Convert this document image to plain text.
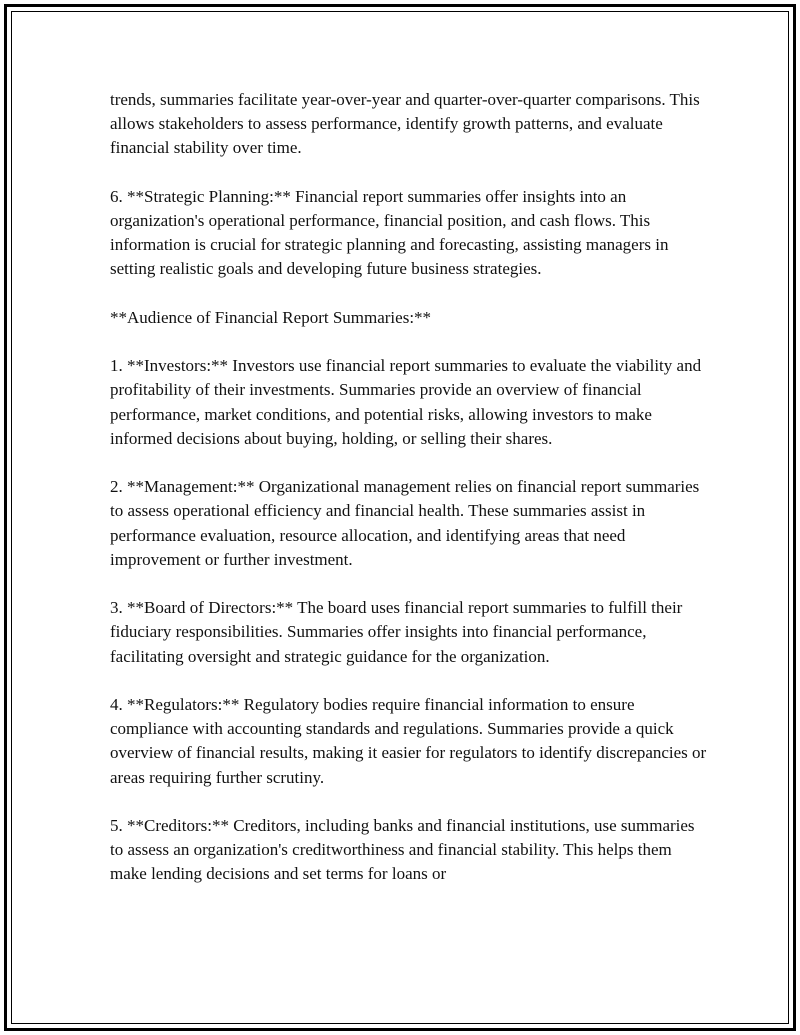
trends, summaries facilitate year-over-year and quarter-over-quarter comparisons. This allows stakeholders to assess performance, identify growth patterns, and evaluate financial stability over time.

6. **Strategic Planning:** Financial report summaries offer insights into an organization's operational performance, financial position, and cash flows. This information is crucial for strategic planning and forecasting, assisting managers in setting realistic goals and developing future business strategies.

**Audience of Financial Report Summaries:**

1. **Investors:** Investors use financial report summaries to evaluate the viability and profitability of their investments. Summaries provide an overview of financial performance, market conditions, and potential risks, allowing investors to make informed decisions about buying, holding, or selling their shares.

2. **Management:** Organizational management relies on financial report summaries to assess operational efficiency and financial health. These summaries assist in performance evaluation, resource allocation, and identifying areas that need improvement or further investment.

3. **Board of Directors:** The board uses financial report summaries to fulfill their fiduciary responsibilities. Summaries offer insights into financial performance, facilitating oversight and strategic guidance for the organization.

4. **Regulators:** Regulatory bodies require financial information to ensure compliance with accounting standards and regulations. Summaries provide a quick overview of financial results, making it easier for regulators to identify discrepancies or areas requiring further scrutiny.

5. **Creditors:** Creditors, including banks and financial institutions, use summaries to assess an organization's creditworthiness and financial stability. This helps them make lending decisions and set terms for loans or
